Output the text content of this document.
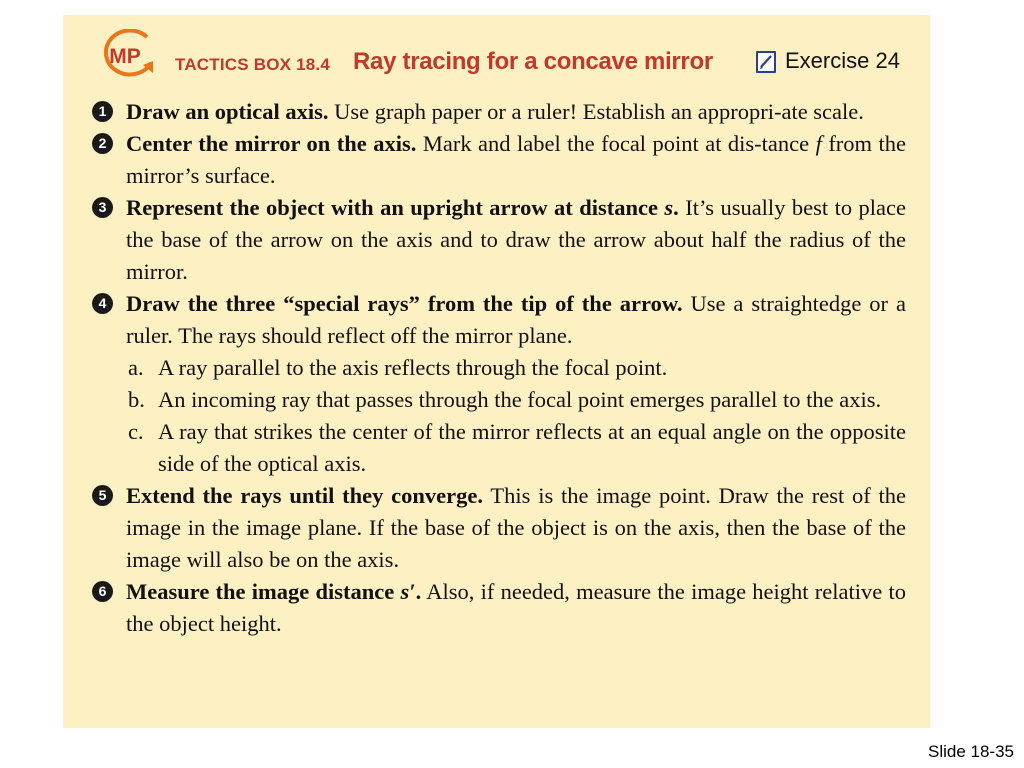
MP TACTICS BOX 18.4 Ray tracing for a concave mirror	Exercise 24
1 Draw an optical axis. Use graph paper or a ruler! Establish an appropri-ate scale.
2 Center the mirror on the axis. Mark and label the focal point at dis-tance f from the mirror’s surface.
3 Represent the object with an upright arrow at distance s. It’s usually best to place the base of the arrow on the axis and to draw the arrow about half the radius of the mirror.
4 Draw the three “special rays” from the tip of the arrow. Use a straightedge or a ruler. The rays should reflect off the mirror plane.
a. A ray parallel to the axis reflects through the focal point.
b. An incoming ray that passes through the focal point emerges parallel to the axis.
c. A ray that strikes the center of the mirror reflects at an equal angle on the opposite side of the optical axis.
5 Extend the rays until they converge. This is the image point. Draw the rest of the image in the image plane. If the base of the object is on the axis, then the base of the image will also be on the axis.
6 Measure the image distance s′. Also, if needed, measure the image height relative to the object height.
Slide 18-35
